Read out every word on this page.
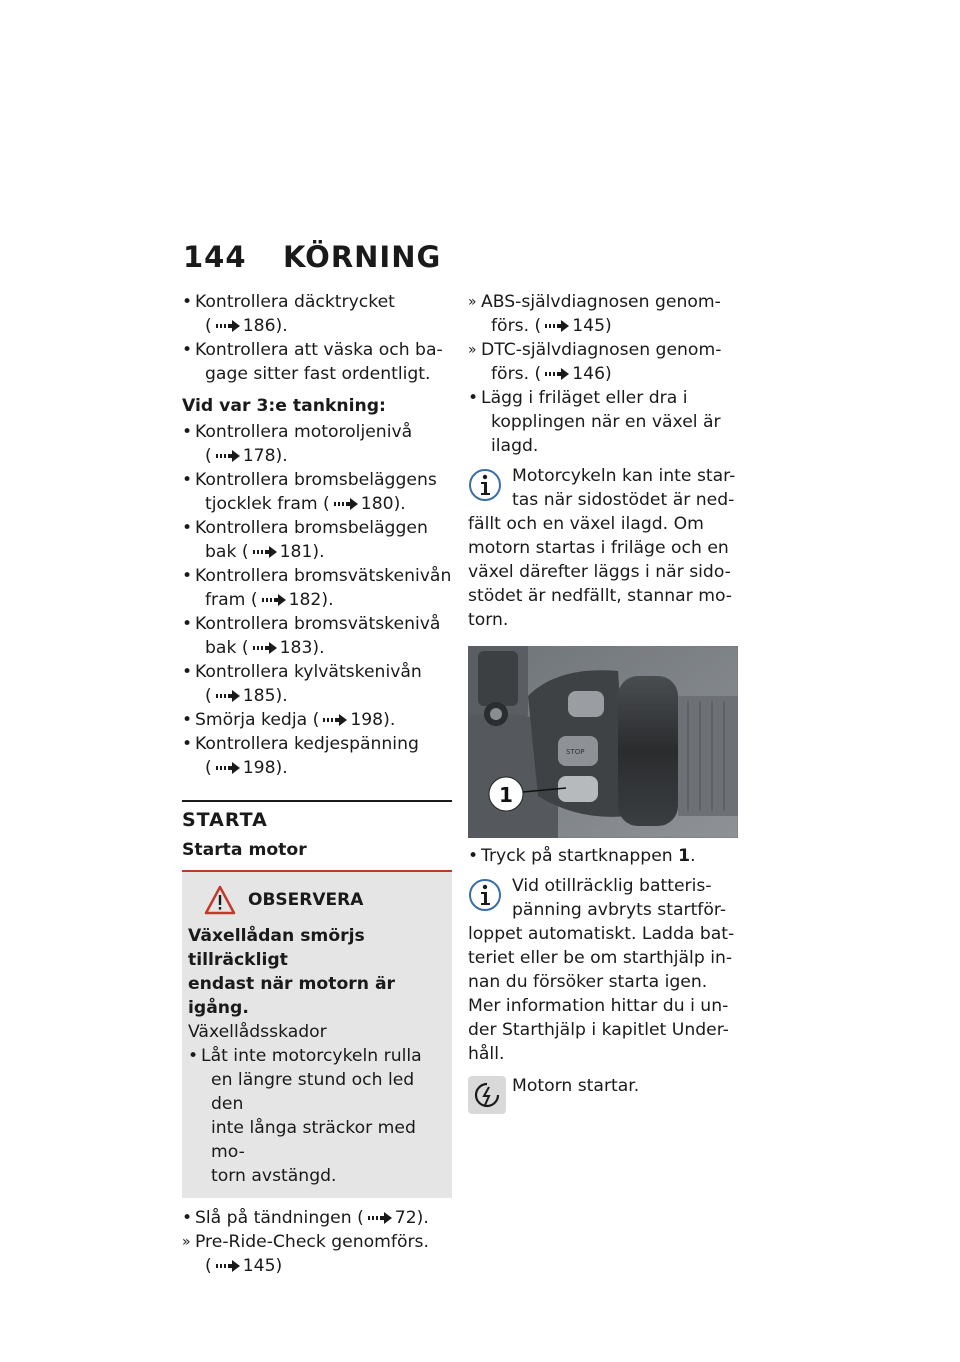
144 KÖRNING
• Kontrollera däcktrycket
( 186).
• Kontrollera att väska och ba-
gage sitter fast ordentligt.
Vid var 3:e tankning:
• Kontrollera motoroljenivå
( 178).
• Kontrollera bromsbeläggens
tjocklek fram ( 180).
• Kontrollera bromsbeläggen
bak ( 181).
• Kontrollera bromsvätskenivån
fram ( 182).
• Kontrollera bromsvätskenivå
bak ( 183).
• Kontrollera kylvätskenivån
( 185).
• Smörja kedja ( 198).
• Kontrollera kedjespänning
( 198).
STARTA
Starta motor
OBSERVERA
Växellådan smörjs tillräckligt
endast när motorn är igång.
Växellådsskador
• Låt inte motorcykeln rulla
en längre stund och led den
inte långa sträckor med mo-
torn avstängd.
• Slå på tändningen ( 72).
» Pre-Ride-Check genomförs.
( 145)
» ABS-självdiagnosen genom-
förs. ( 145)
» DTC-självdiagnosen genom-
förs. ( 146)
• Lägg i friläget eller dra i
kopplingen när en växel är
ilagd.
Motorcykeln kan inte star-
tas när sidostödet är ned-
fällt och en växel ilagd. Om
motorn startas i friläge och en
växel därefter läggs i när sido-
stödet är nedfällt, stannar mo-
torn.
STOP
1
• Tryck på startknappen 1.
Vid otillräcklig batteris-
pänning avbryts startför-
loppet automatiskt. Ladda bat-
teriet eller be om starthjälp in-
nan du försöker starta igen.
Mer information hittar du i un-
der Starthjälp i kapitlet Under-
håll.
Motorn startar.
